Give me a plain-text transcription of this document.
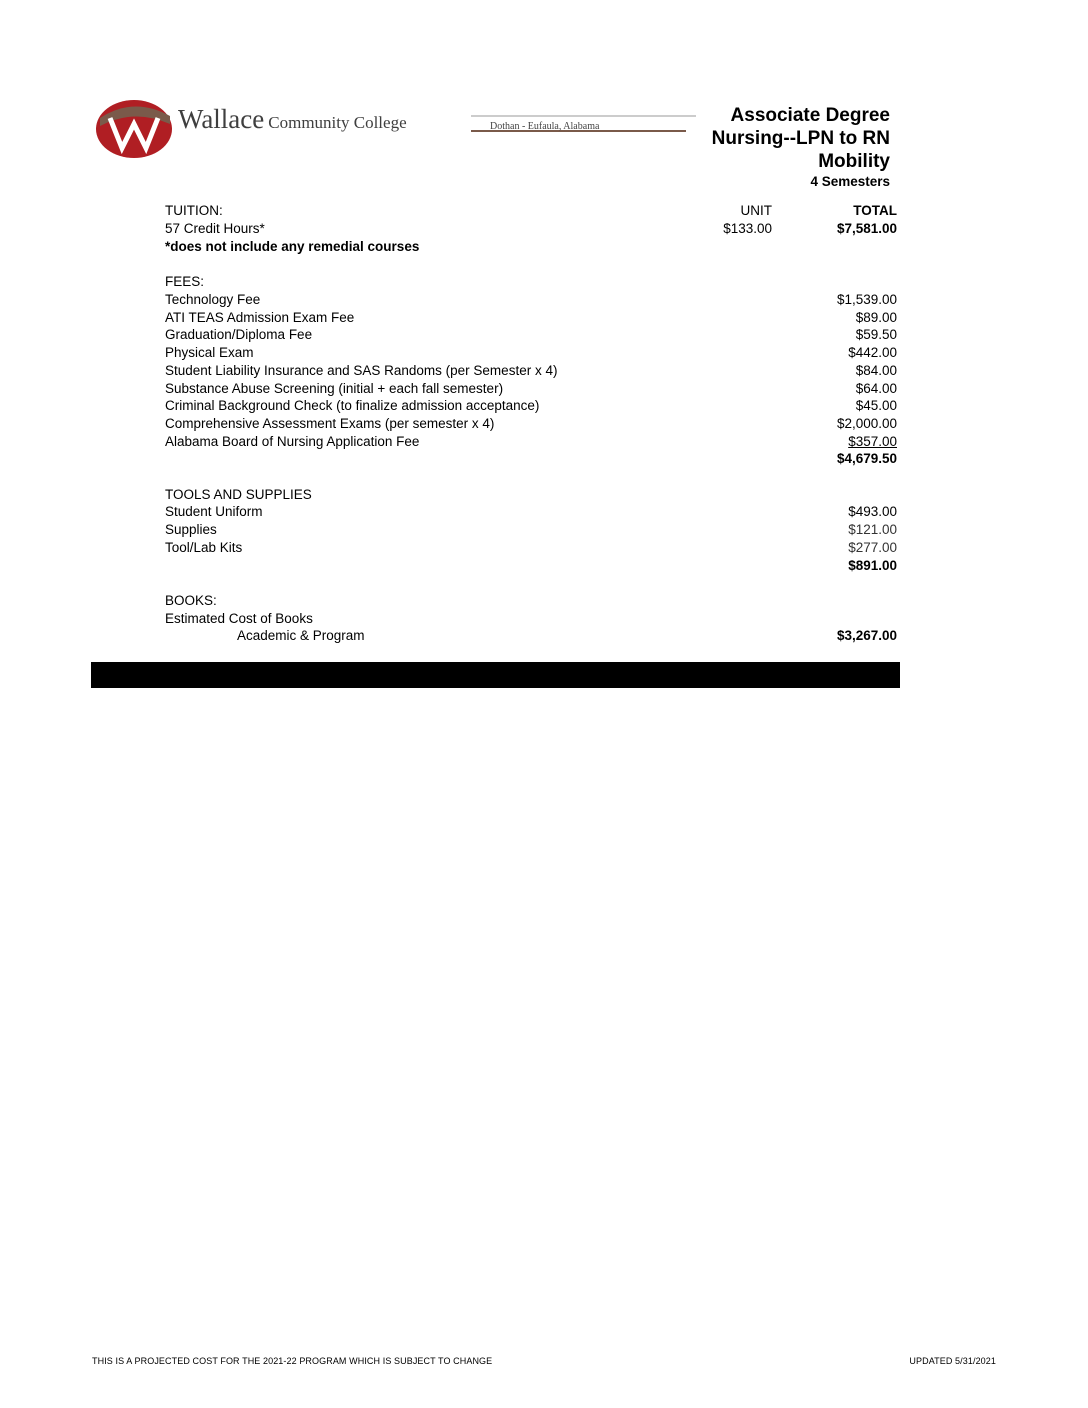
Wallace Community College	Dothan - Eufaula, Alabama
Associate Degree
Nursing--LPN to RN
Mobility
4 Semesters
TUITION:	UNIT	TOTAL
57 Credit Hours*	$133.00	$7,581.00
*does not include any remedial courses
FEES:
Technology Fee	$1,539.00
ATI TEAS Admission Exam Fee	$89.00
Graduation/Diploma Fee	$59.50
Physical Exam	$442.00
Student Liability Insurance and SAS Randoms (per Semester x 4)	$84.00
Substance Abuse Screening (initial + each fall semester)	$64.00
Criminal Background Check (to finalize admission acceptance)	$45.00
Comprehensive Assessment Exams (per semester x 4)	$2,000.00
Alabama Board of Nursing Application Fee	$357.00
$4,679.50
TOOLS AND SUPPLIES
Student Uniform	$493.00
Supplies	$121.00
Tool/Lab Kits	$277.00
$891.00
BOOKS:
Estimated Cost of Books
Academic & Program	$3,267.00
THIS IS A PROJECTED COST FOR THE 2021-22 PROGRAM WHICH IS SUBJECT TO CHANGE	UPDATED 5/31/2021
